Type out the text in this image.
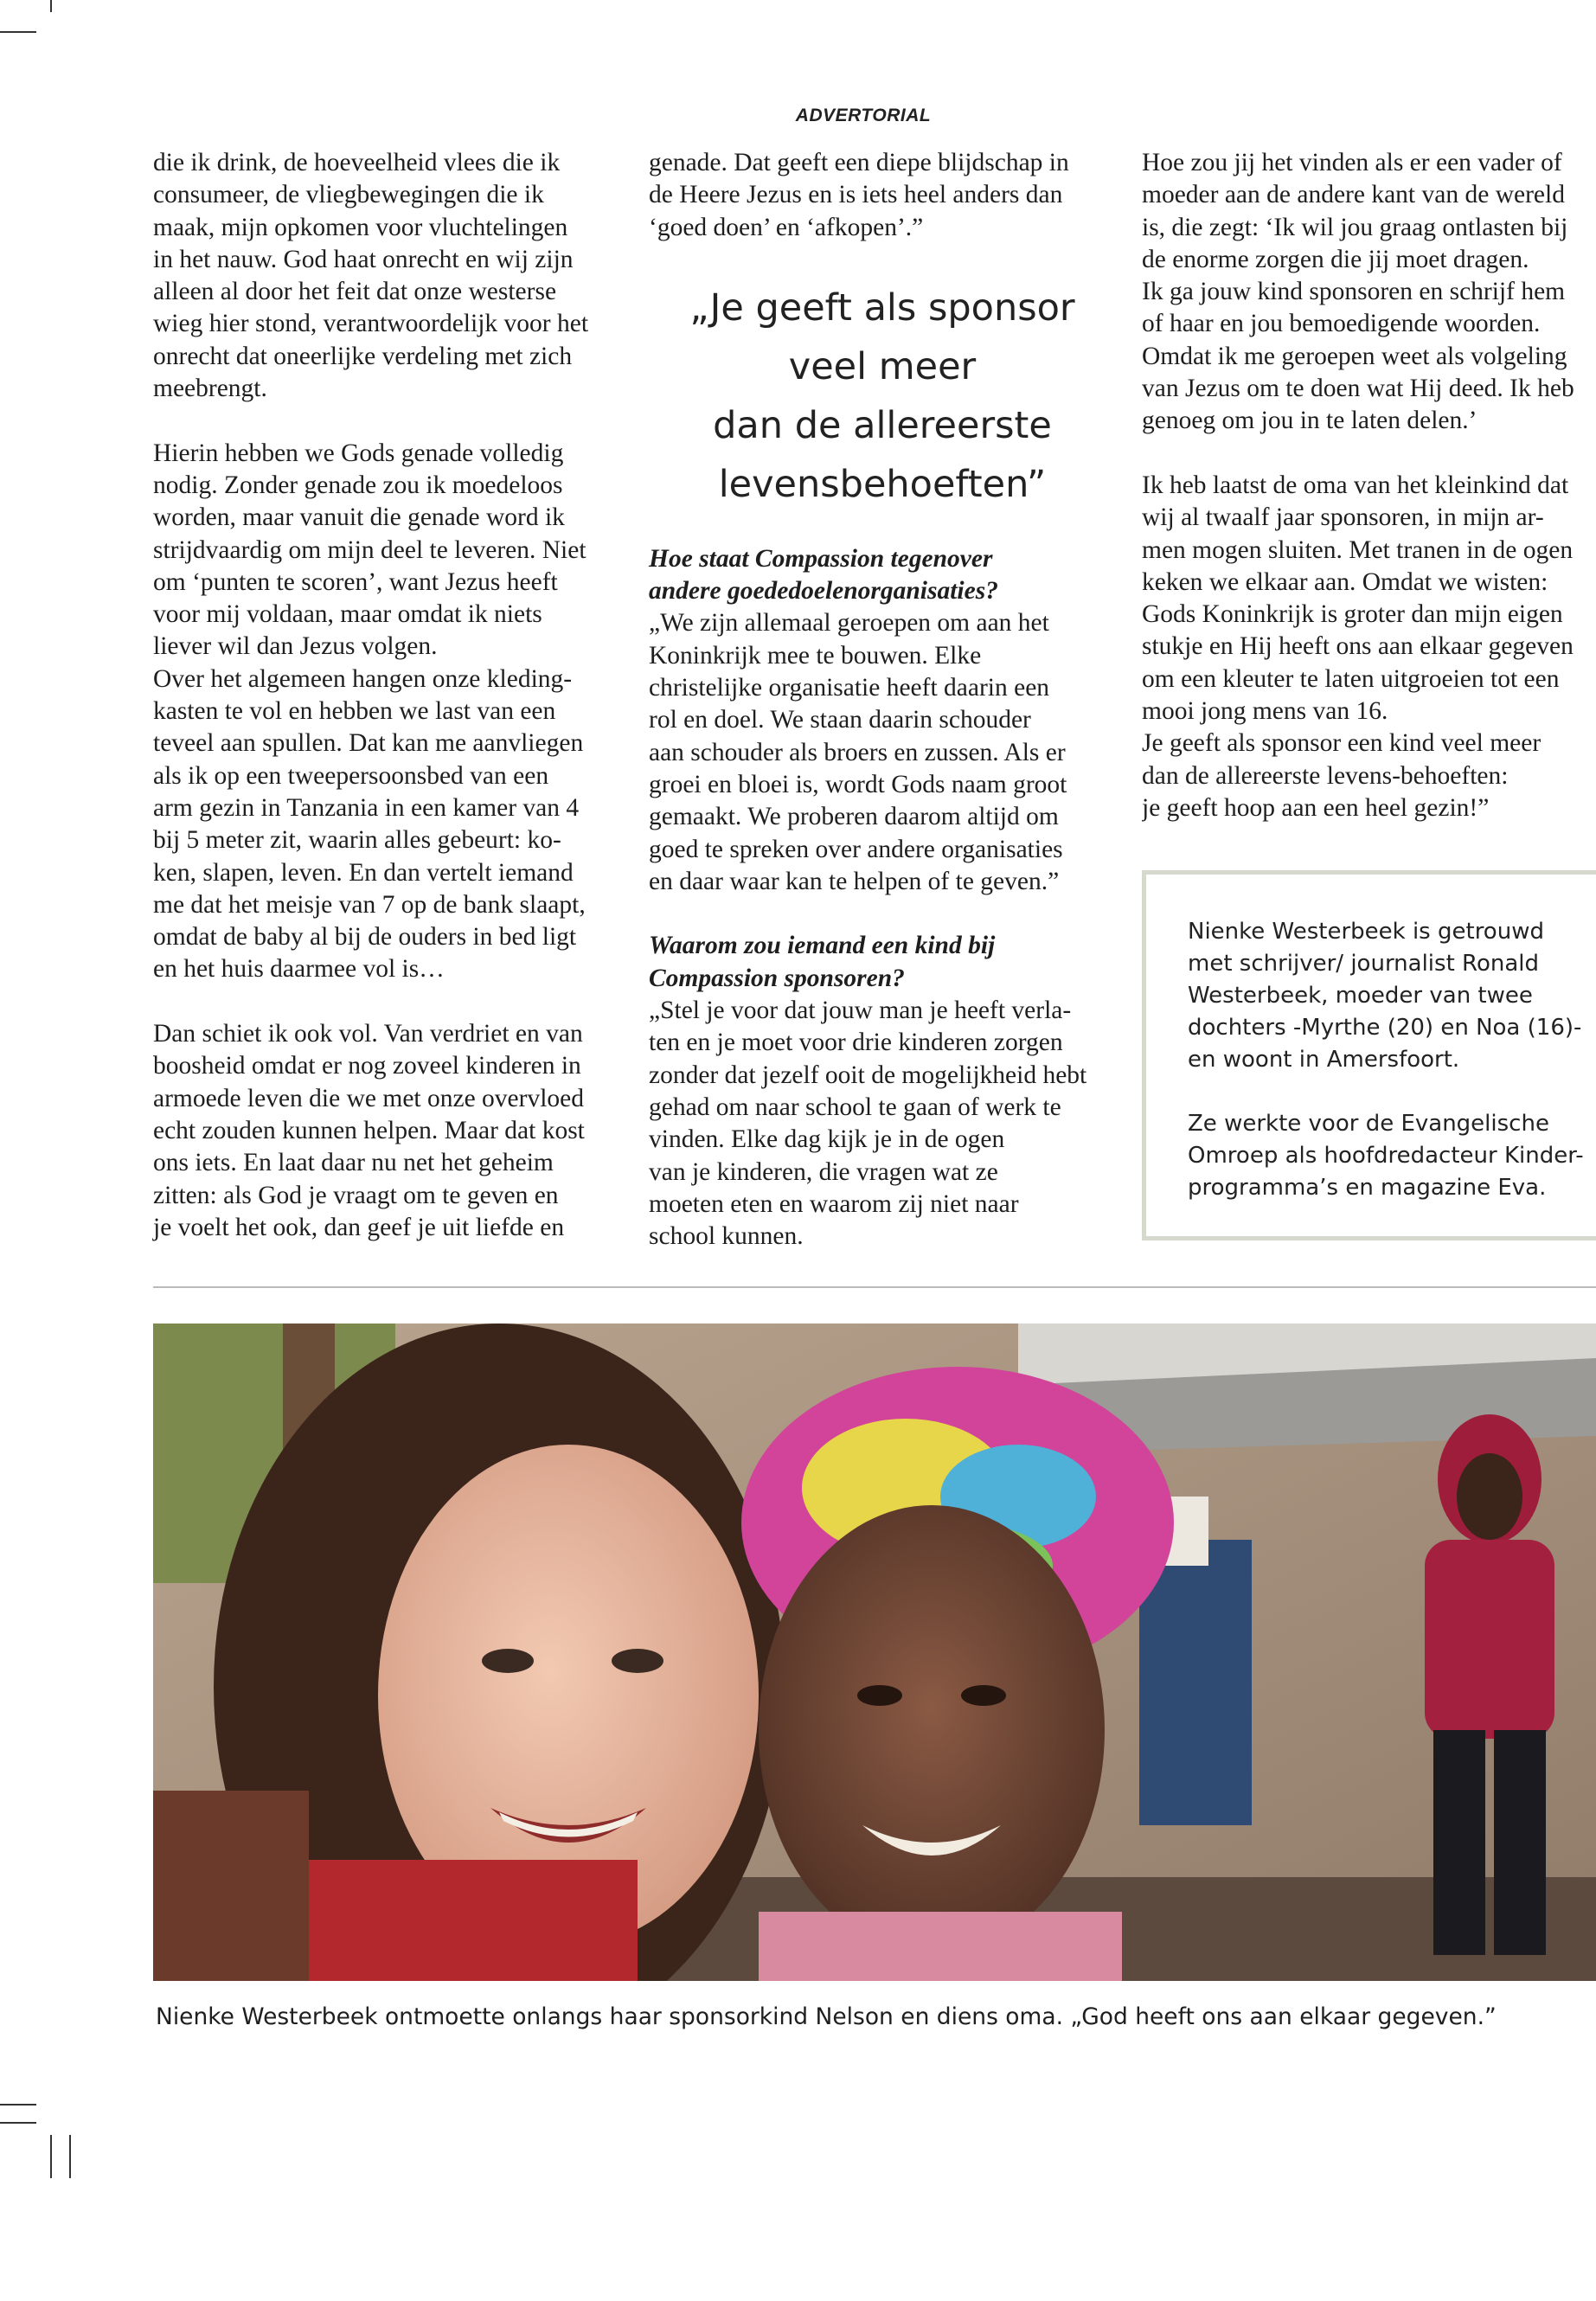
ADVERTORIAL

die ik drink, de hoeveelheid vlees die ik

consumeer, de vliegbewegingen die ik

maak, mijn opkomen voor vluchtelingen

in het nauw. God haat onrecht en wij zijn

alleen al door het feit dat onze westerse

wieg hier stond, verantwoordelijk voor het

onrecht dat oneerlijke verdeling met zich

meebrengt.

Hierin hebben we Gods genade volledig

nodig. Zonder genade zou ik moedeloos

worden, maar vanuit die genade word ik

strijdvaardig om mijn deel te leveren. Niet

om ‘punten te scoren’, want Jezus heeft

voor mij voldaan, maar omdat ik niets

liever wil dan Jezus volgen.

Over het algemeen hangen onze kleding-

kasten te vol en hebben we last van een

teveel aan spullen. Dat kan me aanvliegen

als ik op een tweepersoonsbed van een

arm gezin in Tanzania in een kamer van 4

bij 5 meter zit, waarin alles gebeurt: ko-

ken, slapen, leven. En dan vertelt iemand

me dat het meisje van 7 op de bank slaapt,

omdat de baby al bij de ouders in bed ligt

en het huis daarmee vol is…

Dan schiet ik ook vol. Van verdriet en van

boosheid omdat er nog zoveel kinderen in

armoede leven die we met onze overvloed

echt zouden kunnen helpen. Maar dat kost

ons iets. En laat daar nu net het geheim

zitten: als God je vraagt om te geven en

je voelt het ook, dan geef je uit liefde en

genade. Dat geeft een diepe blijdschap in

de Heere Jezus en is iets heel anders dan

‘goed doen’ en ‘afkopen’.”

„Je geeft als sponsor
veel meer
dan de allereerste
levensbehoeften”

Hoe staat Compassion tegenover

andere goededoelenorganisaties?

„We zijn allemaal geroepen om aan het

Koninkrijk mee te bouwen. Elke

christelijke organisatie heeft daarin een

rol en doel. We staan daarin schouder

aan schouder als broers en zussen. Als er

groei en bloei is, wordt Gods naam groot

gemaakt. We proberen daarom altijd om

goed te spreken over andere organisaties

en daar waar kan te helpen of te geven.”

Waarom zou iemand een kind bij

Compassion sponsoren?

„Stel je voor dat jouw man je heeft verla-

ten en je moet voor drie kinderen zorgen

zonder dat jezelf ooit de mogelijkheid hebt

gehad om naar school te gaan of werk te

vinden. Elke dag kijk je in de ogen

van je kinderen, die vragen wat ze

moeten eten en waarom zij niet naar

school kunnen.

Hoe zou jij het vinden als er een vader of

moeder aan de andere kant van de wereld

is, die zegt: ‘Ik wil jou graag ontlasten bij

de enorme zorgen die jij moet dragen.

Ik ga jouw kind sponsoren en schrijf hem

of haar en jou bemoedigende woorden.

Omdat ik me geroepen weet als volgeling

van Jezus om te doen wat Hij deed. Ik heb

genoeg om jou in te laten delen.’

Ik heb laatst de oma van het kleinkind dat

wij al twaalf jaar sponsoren, in mijn ar-

men mogen sluiten. Met tranen in de ogen

keken we elkaar aan. Omdat we wisten:

Gods Koninkrijk is groter dan mijn eigen

stukje en Hij heeft ons aan elkaar gegeven

om een kleuter te laten uitgroeien tot een

mooi jong mens van 16.

Je geeft als sponsor een kind veel meer

dan de allereerste levens-behoeften:

je geeft hoop aan een heel gezin!”

Nienke Westerbeek is getrouwd

met schrijver/ journalist Ronald

Westerbeek, moeder van twee

dochters -Myrthe (20) en Noa (16)-

en woont in Amersfoort.

Ze werkte voor de Evangelische

Omroep als hoofdredacteur Kinder-

programma’s en magazine Eva.

Nienke Westerbeek ontmoette onlangs haar sponsorkind Nelson en diens oma. „God heeft ons aan elkaar gegeven.”
